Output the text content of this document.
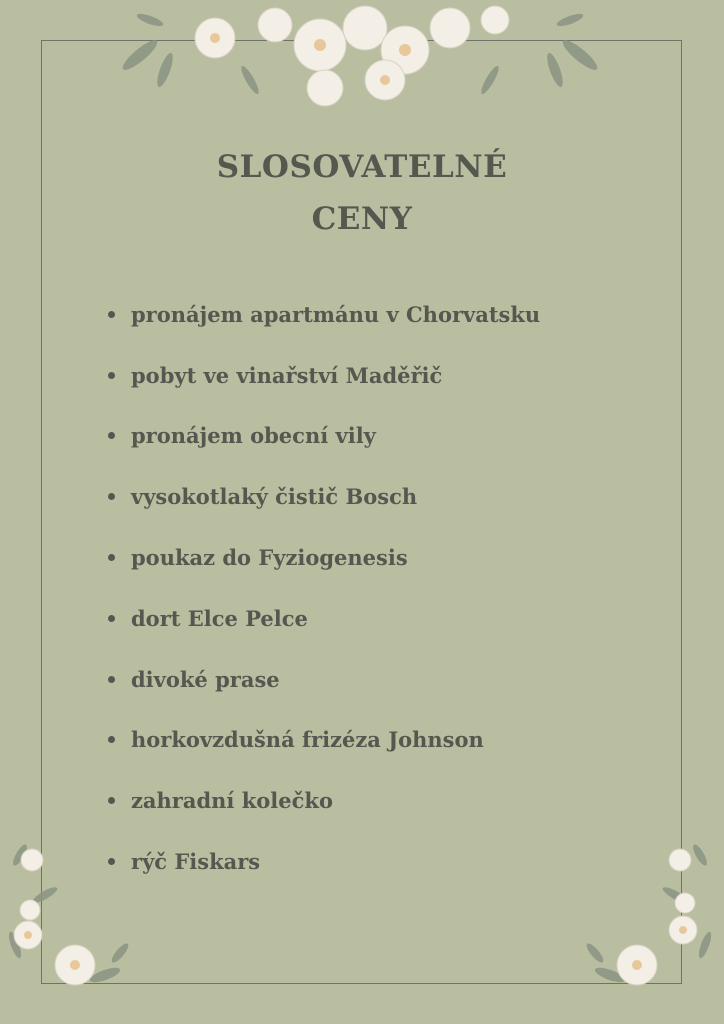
SLOSOVATELNÉ
CENY
pronájem apartmánu v Chorvatsku
pobyt ve vinařství Maděřič
pronájem obecní vily
vysokotlaký čistič Bosch
poukaz do Fyziogenesis
dort Elce Pelce
divoké prase
horkovzdušná frizéza Johnson
zahradní kolečko
rýč Fiskars
